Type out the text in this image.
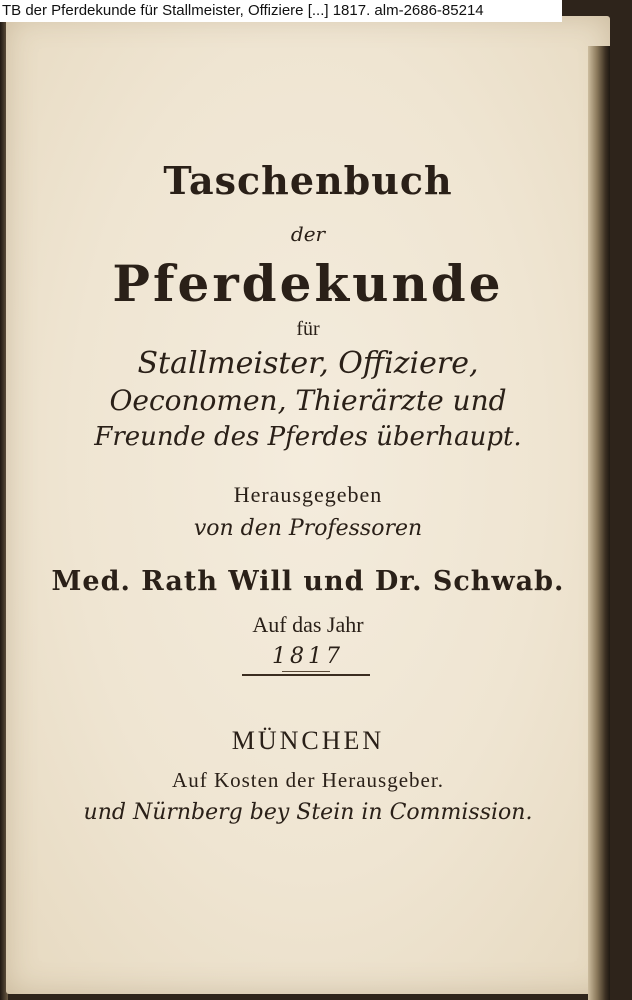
Taschenbuch
der
Pferdekunde
für
Stallmeister, Offiziere,
Oeconomen, Thierärzte und
Freunde des Pferdes überhaupt.
Herausgegeben
von den Professoren
Med. Rath Will und Dr. Schwab.
Auf das Jahr
1817
MÜNCHEN
Auf Kosten der Herausgeber.
und Nürnberg bey Stein in Commission.
TB der Pferdekunde für Stallmeister, Offiziere [...] 1817. alm-2686-85214
